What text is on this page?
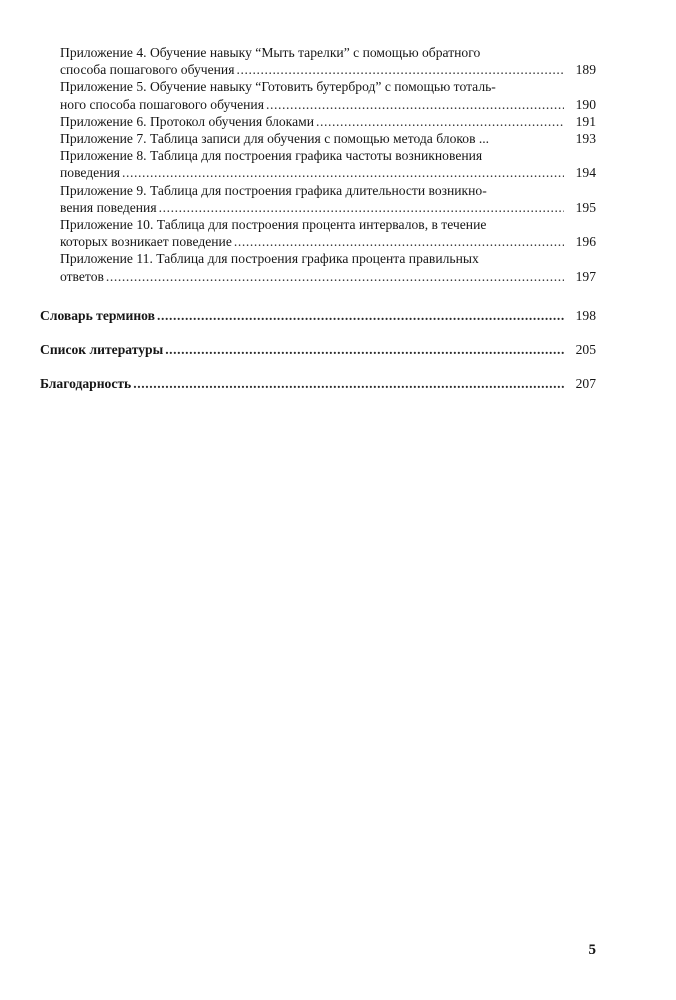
Приложение 4. Обучение навыку “Мыть тарелки” с помощью обратного
способа пошагового обучения .....	189
Приложение 5. Обучение навыку “Готовить бутерброд” с помощью тоталь-
ного способа пошагового обучения .....	190
Приложение 6. Протокол обучения блоками .....	191
Приложение 7. Таблица записи для обучения с помощью метода блоков ...	193
Приложение 8. Таблица для построения графика частоты возникновения
поведения .....	194
Приложение 9. Таблица для построения графика длительности возникно-
вения поведения .....	195
Приложение 10. Таблица для построения процента интервалов, в течение
которых возникает поведение .....	196
Приложение 11. Таблица для построения графика процента правильных
ответов .....	197
Словарь терминов .....	198
Список литературы .....	205
Благодарность .....	207
5
